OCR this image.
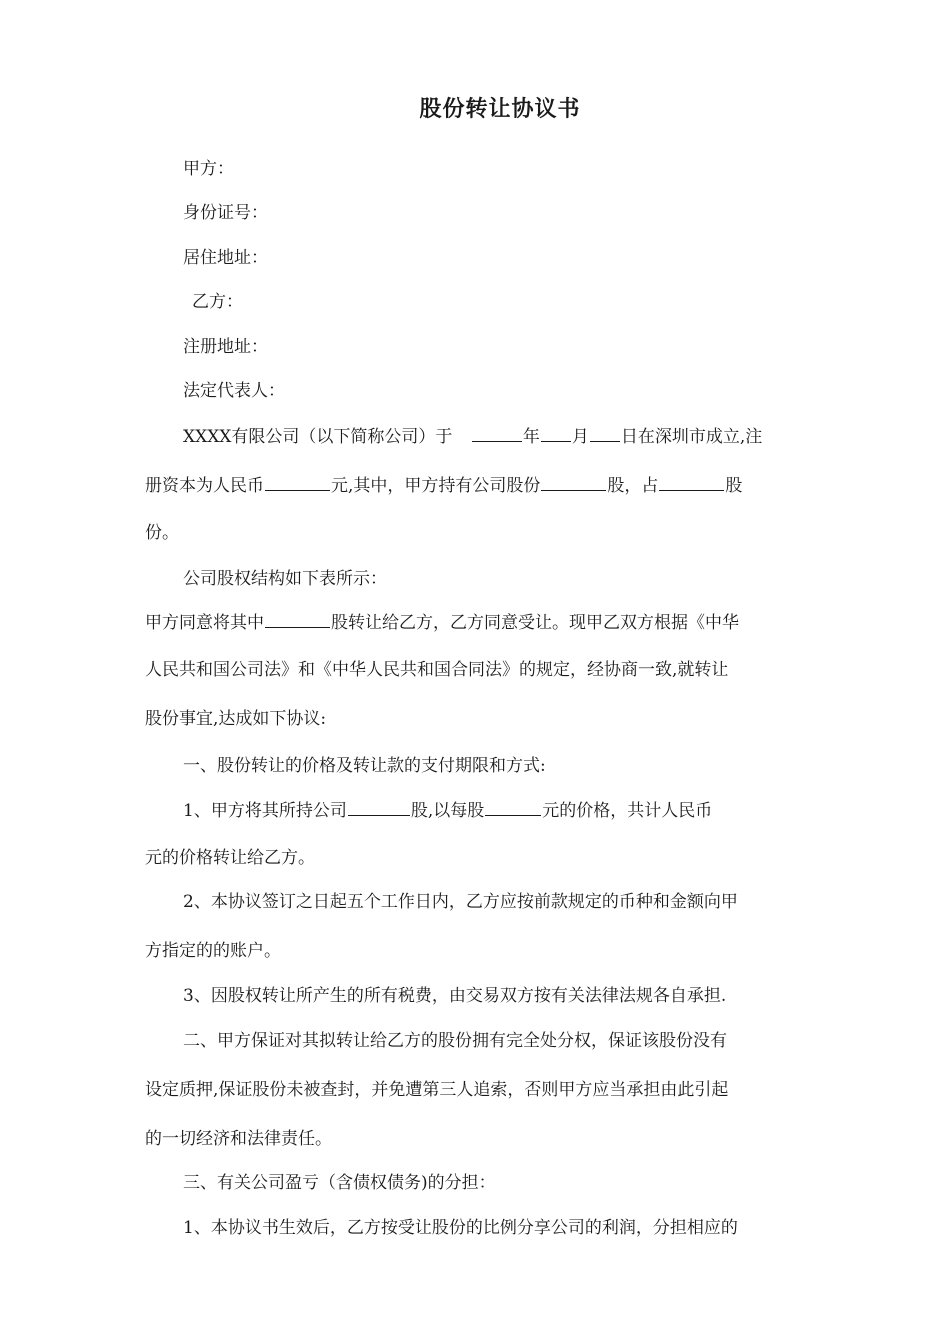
股份转让协议书
甲方：
身份证号：
居住地址：
乙方：
注册地址：
法定代表人：
XXXX有限公司（以下简称公司）于	年 月 日在深圳市成立,注
册资本为人民币	元,其中，甲方持有公司股份	股，占	股
份。
公司股权结构如下表所示：
甲方同意将其中	股转让给乙方，乙方同意受让。现甲乙双方根据《中华
人民共和国公司法》和《中华人民共和国合同法》的规定，经协商一致,就转让
股份事宜,达成如下协议:
一、股份转让的价格及转让款的支付期限和方式:
1、甲方将其所持公司	股,以每股	元的价格，共计人民币
元的价格转让给乙方。
2、本协议签订之日起五个工作日内，乙方应按前款规定的币种和金额向甲
方指定的的账户。
3、因股权转让所产生的所有税费，由交易双方按有关法律法规各自承担.
二、甲方保证对其拟转让给乙方的股份拥有完全处分权，保证该股份没有
设定质押,保证股份未被查封，并免遭第三人追索，否则甲方应当承担由此引起
的一切经济和法律责任。
三、有关公司盈亏（含债权债务)的分担：
1、本协议书生效后，乙方按受让股份的比例分享公司的利润，分担相应的
